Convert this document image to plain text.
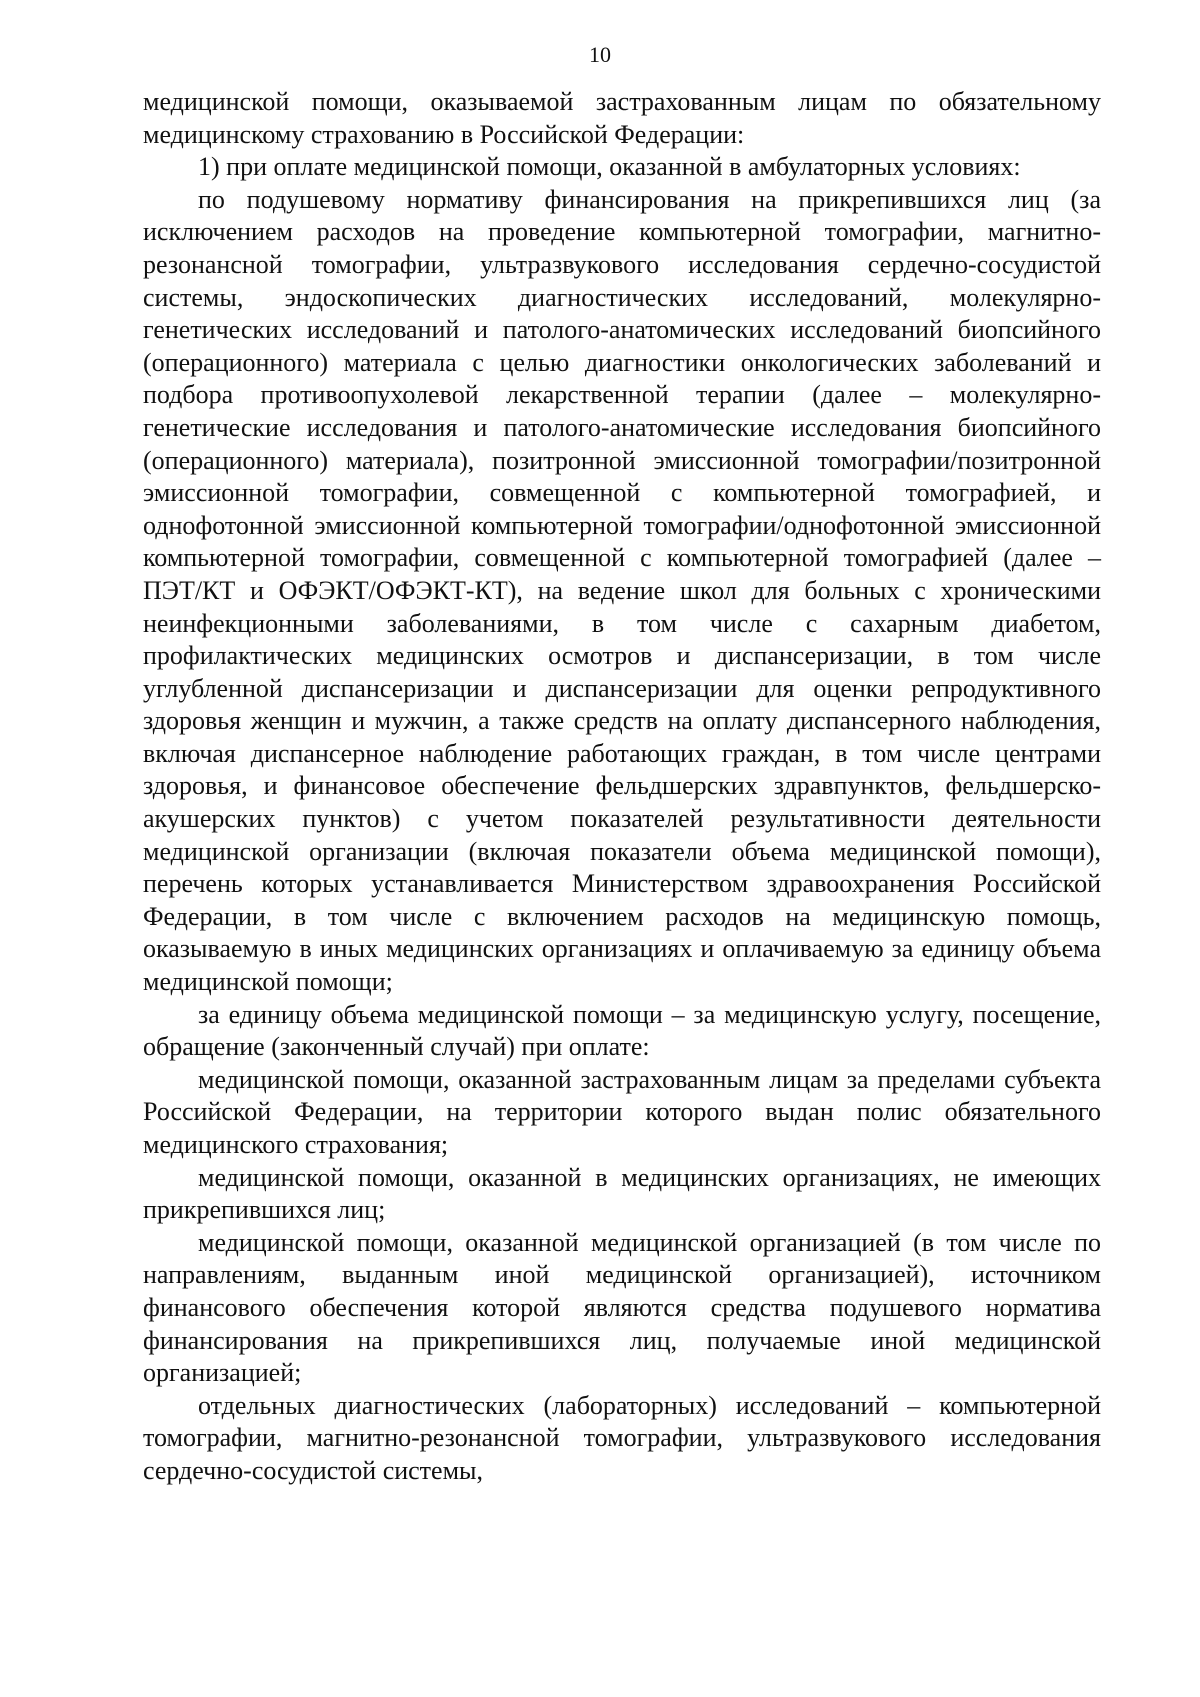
10

медицинской помощи, оказываемой застрахованным лицам по обязательному медицинскому страхованию в Российской Федерации:

1) при оплате медицинской помощи, оказанной в амбулаторных условиях:

по подушевому нормативу финансирования на прикрепившихся лиц (за исключением расходов на проведение компьютерной томографии, магнитно-резонансной томографии, ультразвукового исследования сердечно-сосудистой системы, эндоскопических диагностических исследований, молекулярно-генетических исследований и патолого-анатомических исследований биопсийного (операционного) материала с целью диагностики онкологических заболеваний и подбора противоопухолевой лекарственной терапии (далее – молекулярно-генетические исследования и патолого-анатомические исследования биопсийного (операционного) материала), позитронной эмиссионной томографии/позитронной эмиссионной томографии, совмещенной с компьютерной томографией, и однофотонной эмиссионной компьютерной томографии/однофотонной эмиссионной компьютерной томографии, совмещенной с компьютерной томографией (далее – ПЭТ/КТ и ОФЭКТ/ОФЭКТ-КТ), на ведение школ для больных с хроническими неинфекционными заболеваниями, в том числе с сахарным диабетом, профилактических медицинских осмотров и диспансеризации, в том числе углубленной диспансеризации и диспансеризации для оценки репродуктивного здоровья женщин и мужчин, а также средств на оплату диспансерного наблюдения, включая диспансерное наблюдение работающих граждан, в том числе центрами здоровья, и финансовое обеспечение фельдшерских здравпунктов, фельдшерско-акушерских пунктов) с учетом показателей результативности деятельности медицинской организации (включая показатели объема медицинской помощи), перечень которых устанавливается Министерством здравоохранения Российской Федерации, в том числе с включением расходов на медицинскую помощь, оказываемую в иных медицинских организациях и оплачиваемую за единицу объема медицинской помощи;

за единицу объема медицинской помощи – за медицинскую услугу, посещение, обращение (законченный случай) при оплате:

медицинской помощи, оказанной застрахованным лицам за пределами субъекта Российской Федерации, на территории которого выдан полис обязательного медицинского страхования;

медицинской помощи, оказанной в медицинских организациях, не имеющих прикрепившихся лиц;

медицинской помощи, оказанной медицинской организацией (в том числе по направлениям, выданным иной медицинской организацией), источником финансового обеспечения которой являются средства подушевого норматива финансирования на прикрепившихся лиц, получаемые иной медицинской организацией;

отдельных диагностических (лабораторных) исследований – компьютерной томографии, магнитно-резонансной томографии, ультразвукового исследования сердечно-сосудистой системы,
